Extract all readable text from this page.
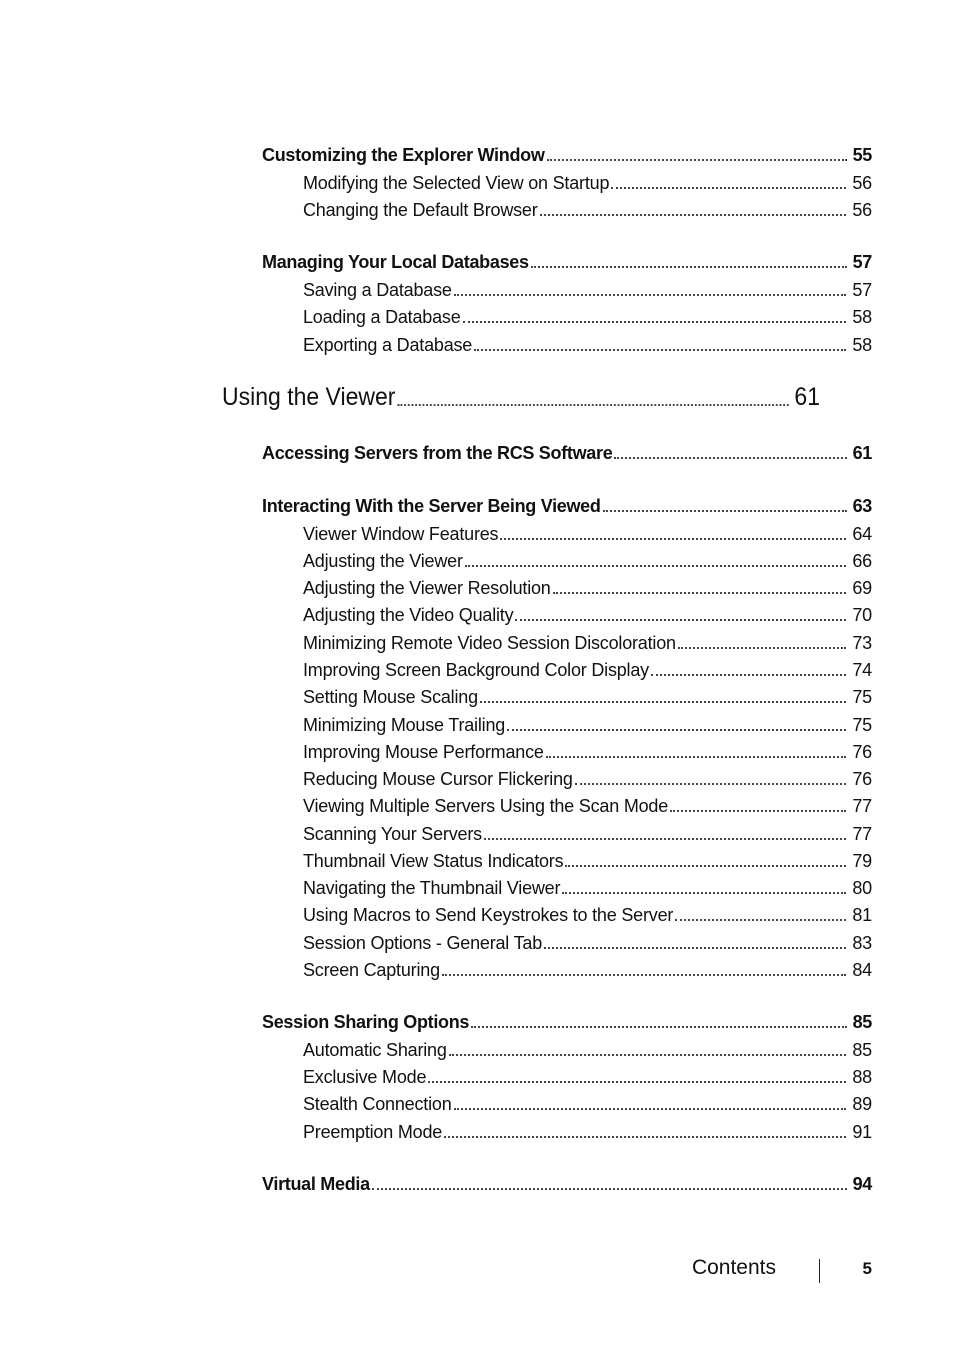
Customizing the Explorer Window	55
Modifying the Selected View on Startup	56
Changing the Default Browser	56
Managing Your Local Databases	57
Saving a Database	57
Loading a Database	58
Exporting a Database	58
Using the Viewer	61
Accessing Servers from the RCS Software	61
Interacting With the Server Being Viewed	63
Viewer Window Features	64
Adjusting the Viewer	66
Adjusting the Viewer Resolution	69
Adjusting the Video Quality	70
Minimizing Remote Video Session Discoloration	73
Improving Screen Background Color Display	74
Setting Mouse Scaling	75
Minimizing Mouse Trailing	75
Improving Mouse Performance	76
Reducing Mouse Cursor Flickering	76
Viewing Multiple Servers Using the Scan Mode	77
Scanning Your Servers	77
Thumbnail View Status Indicators	79
Navigating the Thumbnail Viewer	80
Using Macros to Send Keystrokes to the Server	81
Session Options - General Tab	83
Screen Capturing	84
Session Sharing Options	85
Automatic Sharing	85
Exclusive Mode	88
Stealth Connection	89
Preemption Mode	91
Virtual Media	94
Contents	5
